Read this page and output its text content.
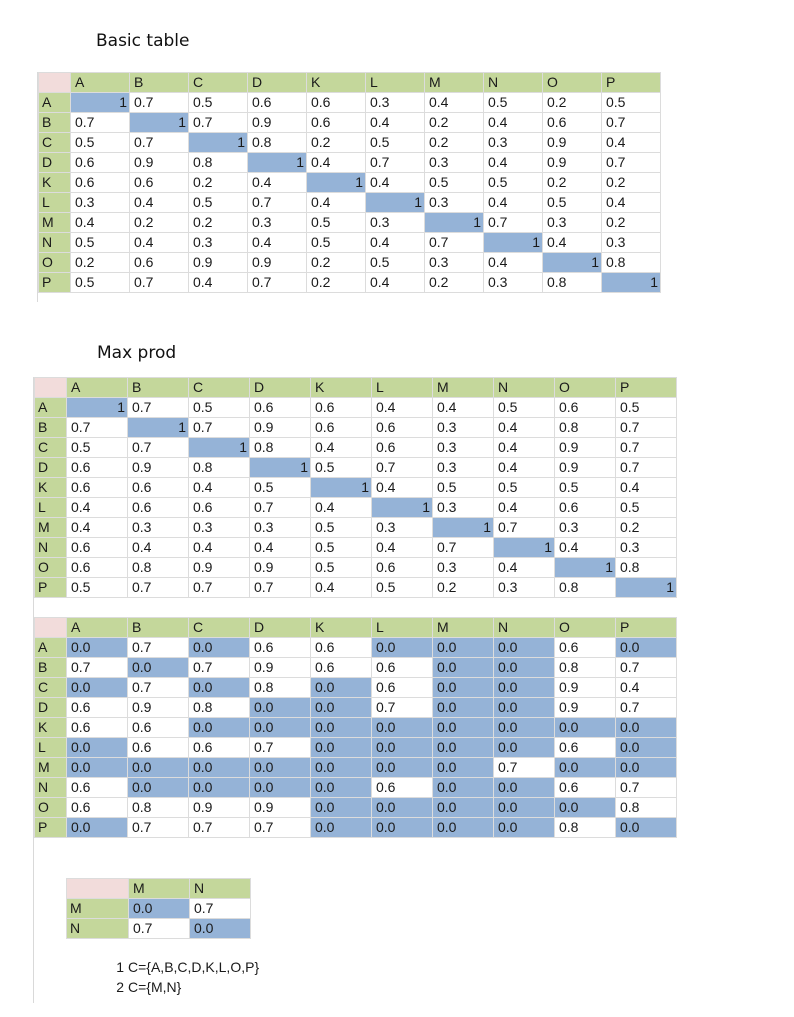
Basic table
	A	B	C	D	K	L	M	N	O	P
A	1	0.7	0.5	0.6	0.6	0.3	0.4	0.5	0.2	0.5
B	0.7	1	0.7	0.9	0.6	0.4	0.2	0.4	0.6	0.7
C	0.5	0.7	1	0.8	0.2	0.5	0.2	0.3	0.9	0.4
D	0.6	0.9	0.8	1	0.4	0.7	0.3	0.4	0.9	0.7
K	0.6	0.6	0.2	0.4	1	0.4	0.5	0.5	0.2	0.2
L	0.3	0.4	0.5	0.7	0.4	1	0.3	0.4	0.5	0.4
M	0.4	0.2	0.2	0.3	0.5	0.3	1	0.7	0.3	0.2
N	0.5	0.4	0.3	0.4	0.5	0.4	0.7	1	0.4	0.3
O	0.2	0.6	0.9	0.9	0.2	0.5	0.3	0.4	1	0.8
P	0.5	0.7	0.4	0.7	0.2	0.4	0.2	0.3	0.8	1
Max prod
	A	B	C	D	K	L	M	N	O	P
A	1	0.7	0.5	0.6	0.6	0.4	0.4	0.5	0.6	0.5
B	0.7	1	0.7	0.9	0.6	0.6	0.3	0.4	0.8	0.7
C	0.5	0.7	1	0.8	0.4	0.6	0.3	0.4	0.9	0.7
D	0.6	0.9	0.8	1	0.5	0.7	0.3	0.4	0.9	0.7
K	0.6	0.6	0.4	0.5	1	0.4	0.5	0.5	0.5	0.4
L	0.4	0.6	0.6	0.7	0.4	1	0.3	0.4	0.6	0.5
M	0.4	0.3	0.3	0.3	0.5	0.3	1	0.7	0.3	0.2
N	0.6	0.4	0.4	0.4	0.5	0.4	0.7	1	0.4	0.3
O	0.6	0.8	0.9	0.9	0.5	0.6	0.3	0.4	1	0.8
P	0.5	0.7	0.7	0.7	0.4	0.5	0.2	0.3	0.8	1
	A	B	C	D	K	L	M	N	O	P
A	0.0	0.7	0.0	0.6	0.6	0.0	0.0	0.0	0.6	0.0
B	0.7	0.0	0.7	0.9	0.6	0.6	0.0	0.0	0.8	0.7
C	0.0	0.7	0.0	0.8	0.0	0.6	0.0	0.0	0.9	0.4
D	0.6	0.9	0.8	0.0	0.0	0.7	0.0	0.0	0.9	0.7
K	0.6	0.6	0.0	0.0	0.0	0.0	0.0	0.0	0.0	0.0
L	0.0	0.6	0.6	0.7	0.0	0.0	0.0	0.0	0.6	0.0
M	0.0	0.0	0.0	0.0	0.0	0.0	0.0	0.7	0.0	0.0
N	0.6	0.0	0.0	0.0	0.0	0.6	0.0	0.0	0.6	0.7
O	0.6	0.8	0.9	0.9	0.0	0.0	0.0	0.0	0.0	0.8
P	0.0	0.7	0.7	0.7	0.0	0.0	0.0	0.0	0.8	0.0
	M	N
M	0.0	0.7
N	0.7	0.0
1 C={A,B,C,D,K,L,O,P}
2 C={M,N}
